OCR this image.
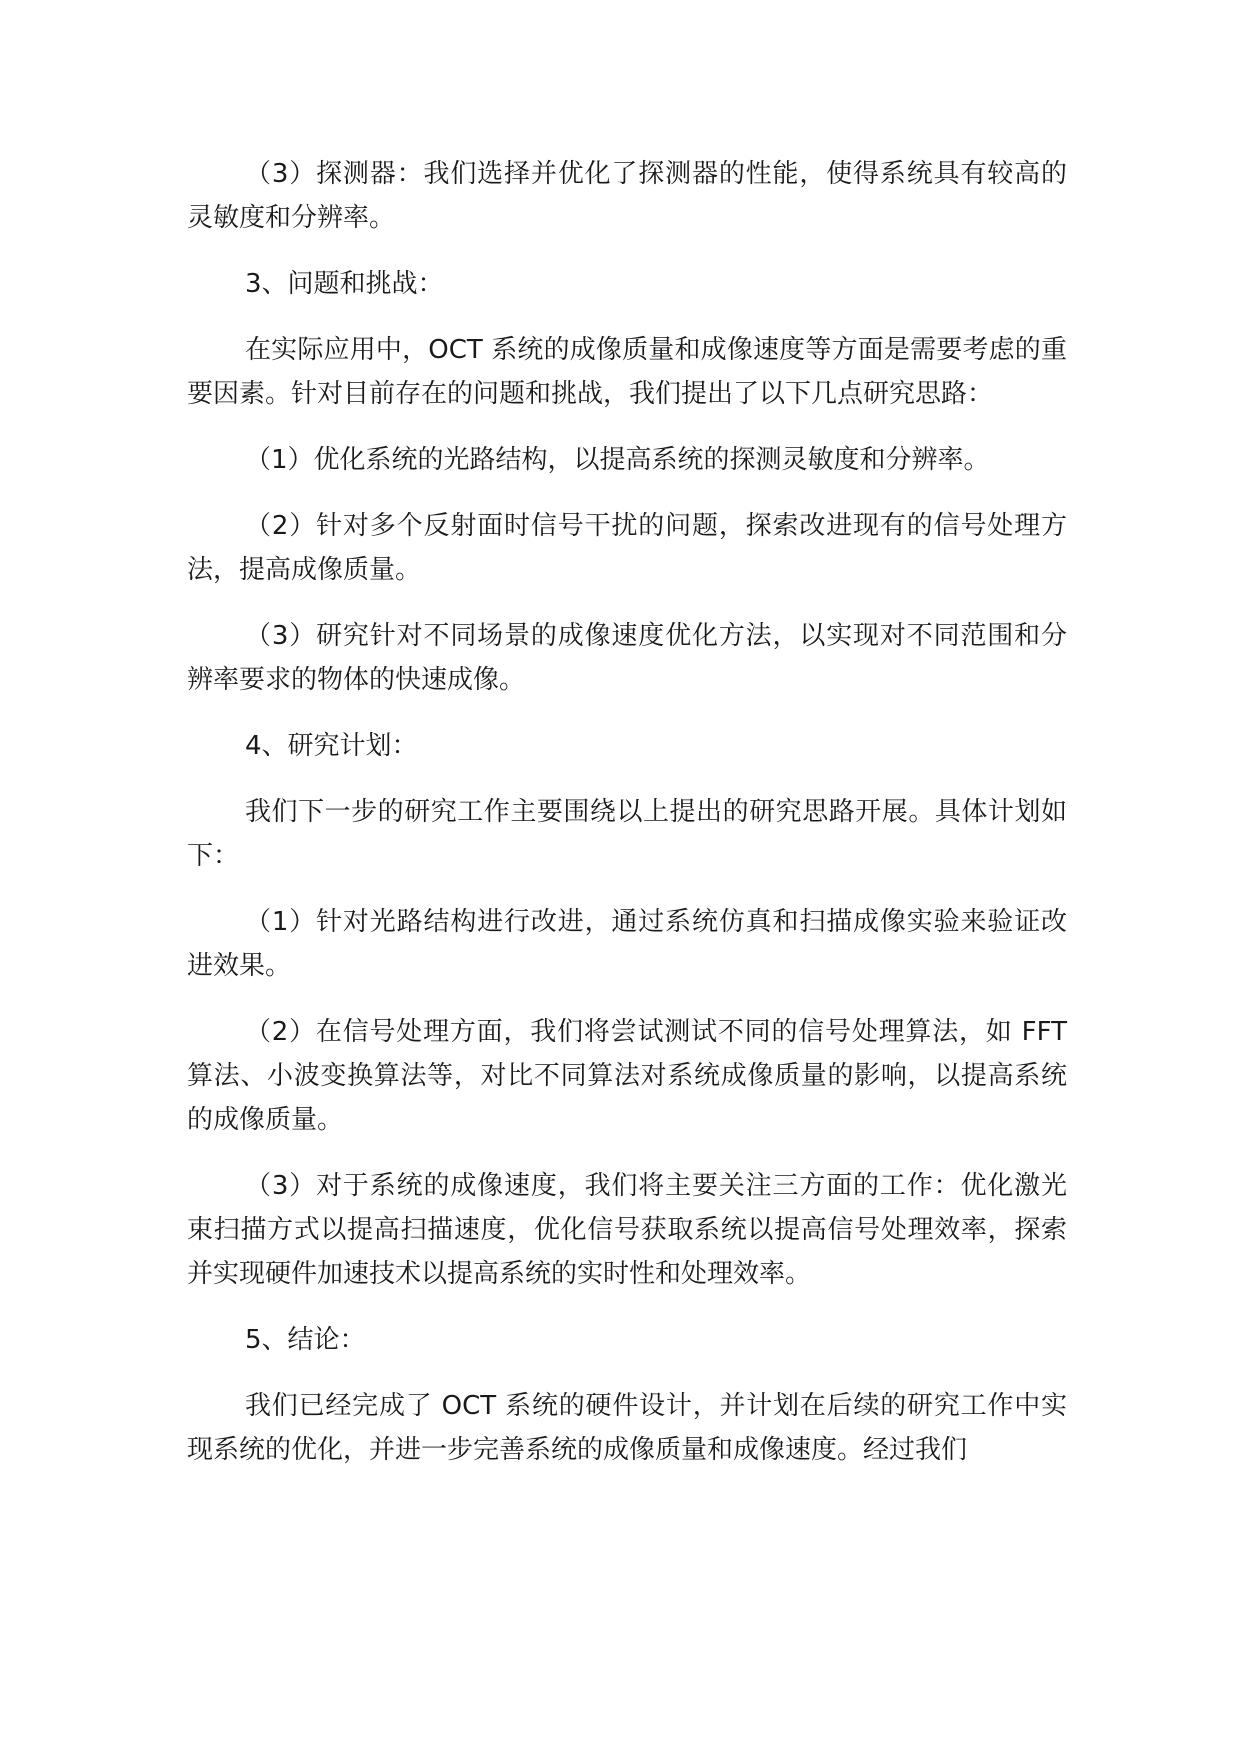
（3）探测器：我们选择并优化了探测器的性能，使得系统具有较高的灵敏度和分辨率。

3、问题和挑战：

在实际应用中，OCT 系统的成像质量和成像速度等方面是需要考虑的重要因素。针对目前存在的问题和挑战，我们提出了以下几点研究思路：

（1）优化系统的光路结构，以提高系统的探测灵敏度和分辨率。

（2）针对多个反射面时信号干扰的问题，探索改进现有的信号处理方法，提高成像质量。

（3）研究针对不同场景的成像速度优化方法，以实现对不同范围和分辨率要求的物体的快速成像。

4、研究计划：

我们下一步的研究工作主要围绕以上提出的研究思路开展。具体计划如下：

（1）针对光路结构进行改进，通过系统仿真和扫描成像实验来验证改进效果。

（2）在信号处理方面，我们将尝试测试不同的信号处理算法，如 FFT 算法、小波变换算法等，对比不同算法对系统成像质量的影响，以提高系统的成像质量。

（3）对于系统的成像速度，我们将主要关注三方面的工作：优化激光束扫描方式以提高扫描速度，优化信号获取系统以提高信号处理效率，探索并实现硬件加速技术以提高系统的实时性和处理效率。

5、结论：

我们已经完成了 OCT 系统的硬件设计，并计划在后续的研究工作中实现系统的优化，并进一步完善系统的成像质量和成像速度。经过我们
